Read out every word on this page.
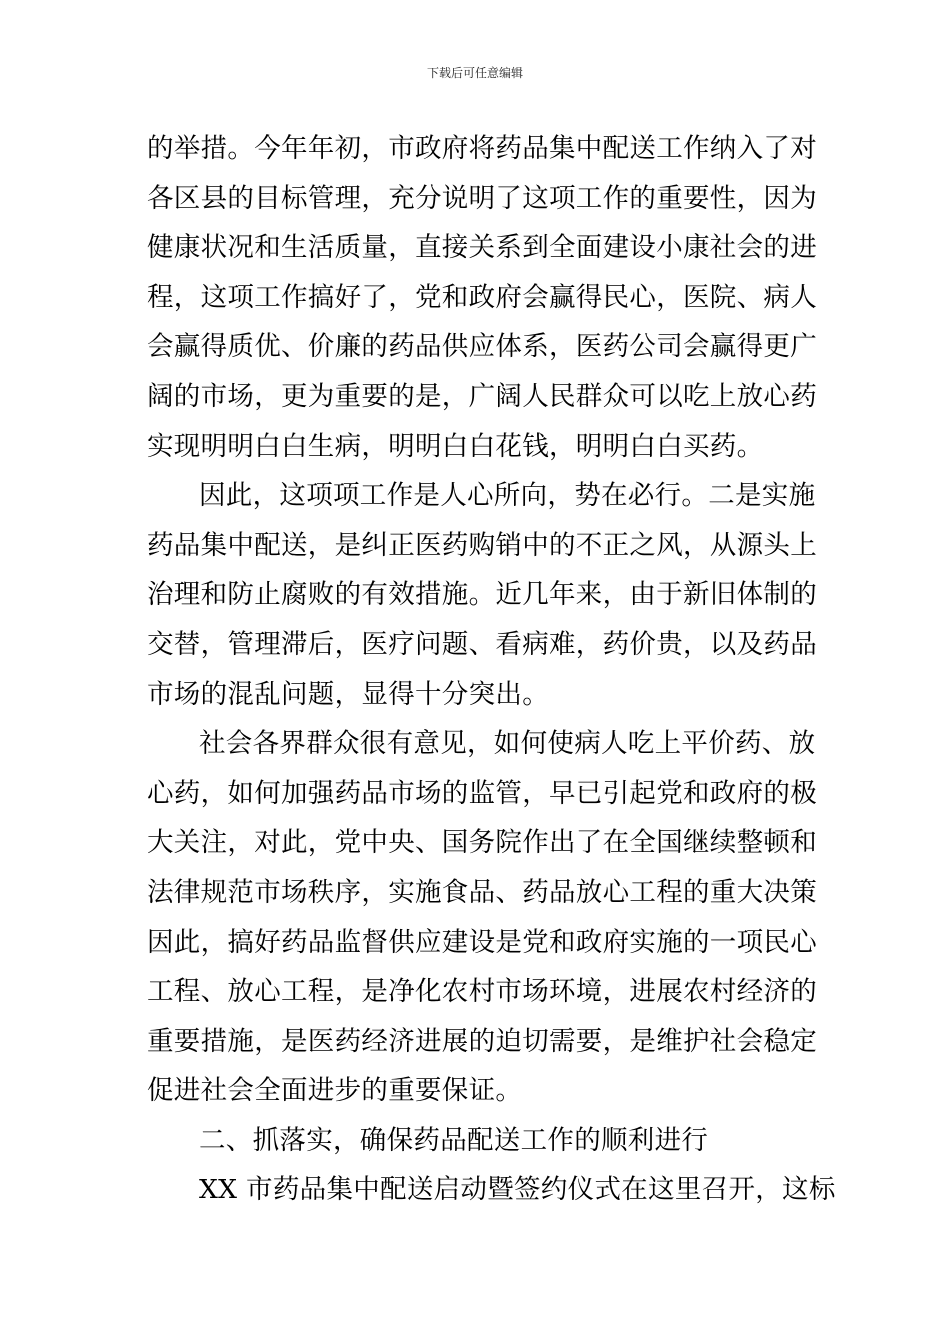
下载后可任意编辑
的举措。今年年初，市政府将药品集中配送工作纳入了对
各区县的目标管理，充分说明了这项工作的重要性，因为
健康状况和生活质量，直接关系到全面建设小康社会的进
程，这项工作搞好了，党和政府会赢得民心，医院、病人
会赢得质优、价廉的药品供应体系，医药公司会赢得更广
阔的市场，更为重要的是，广阔人民群众可以吃上放心药
实现明明白白生病，明明白白花钱，明明白白买药。
因此，这项项工作是人心所向，势在必行。二是实施
药品集中配送，是纠正医药购销中的不正之风，从源头上
治理和防止腐败的有效措施。近几年来，由于新旧体制的
交替，管理滞后，医疗问题、看病难，药价贵，以及药品
市场的混乱问题，显得十分突出。
社会各界群众很有意见，如何使病人吃上平价药、放
心药，如何加强药品市场的监管，早已引起党和政府的极
大关注，对此，党中央、国务院作出了在全国继续整顿和
法律规范市场秩序，实施食品、药品放心工程的重大决策
因此，搞好药品监督供应建设是党和政府实施的一项民心
工程、放心工程，是净化农村市场环境，进展农村经济的
重要措施，是医药经济进展的迫切需要，是维护社会稳定
促进社会全面进步的重要保证。
二、抓落实，确保药品配送工作的顺利进行
XX 市药品集中配送启动暨签约仪式在这里召开，这标
